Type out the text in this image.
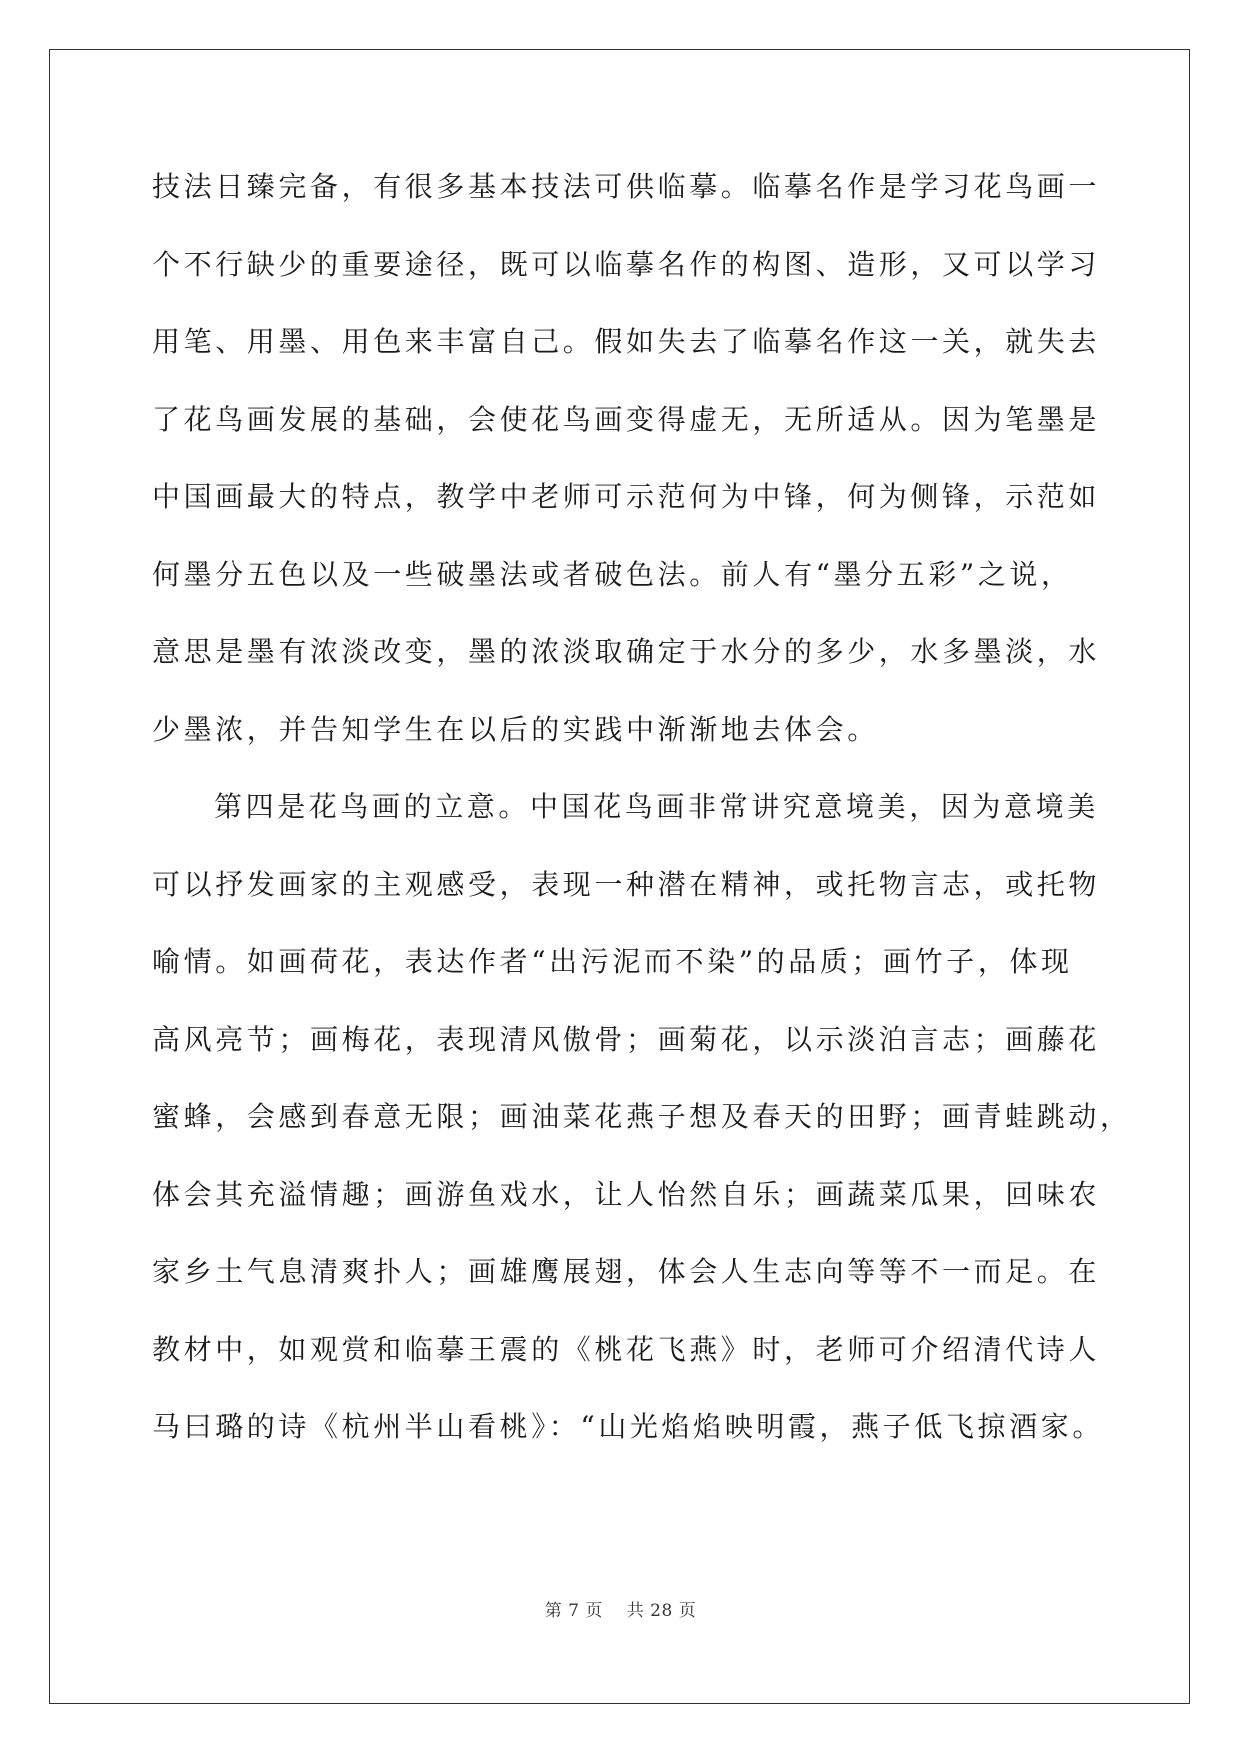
技法日臻完备，有很多基本技法可供临摹。临摹名作是学习花鸟画一
个不行缺少的重要途径，既可以临摹名作的构图、造形，又可以学习
用笔、用墨、用色来丰富自己。假如失去了临摹名作这一关，就失去
了花鸟画发展的基础，会使花鸟画变得虚无，无所适从。因为笔墨是
中国画最大的特点，教学中老师可示范何为中锋，何为侧锋，示范如
何墨分五色以及一些破墨法或者破色法。前人有“墨分五彩”之说，
意思是墨有浓淡改变，墨的浓淡取确定于水分的多少，水多墨淡，水
少墨浓，并告知学生在以后的实践中渐渐地去体会。
第四是花鸟画的立意。中国花鸟画非常讲究意境美，因为意境美
可以抒发画家的主观感受，表现一种潜在精神，或托物言志，或托物
喻情。如画荷花，表达作者“出污泥而不染”的品质；画竹子，体现
高风亮节；画梅花，表现清风傲骨；画菊花，以示淡泊言志；画藤花
蜜蜂，会感到春意无限；画油菜花燕子想及春天的田野；画青蛙跳动，
体会其充溢情趣；画游鱼戏水，让人怡然自乐；画蔬菜瓜果，回味农
家乡土气息清爽扑人；画雄鹰展翅，体会人生志向等等不一而足。在
教材中，如观赏和临摹王震的《桃花飞燕》时，老师可介绍清代诗人
马曰璐的诗《杭州半山看桃》：“山光焰焰映明霞，燕子低飞掠酒家。
第 7 页 共 28 页
